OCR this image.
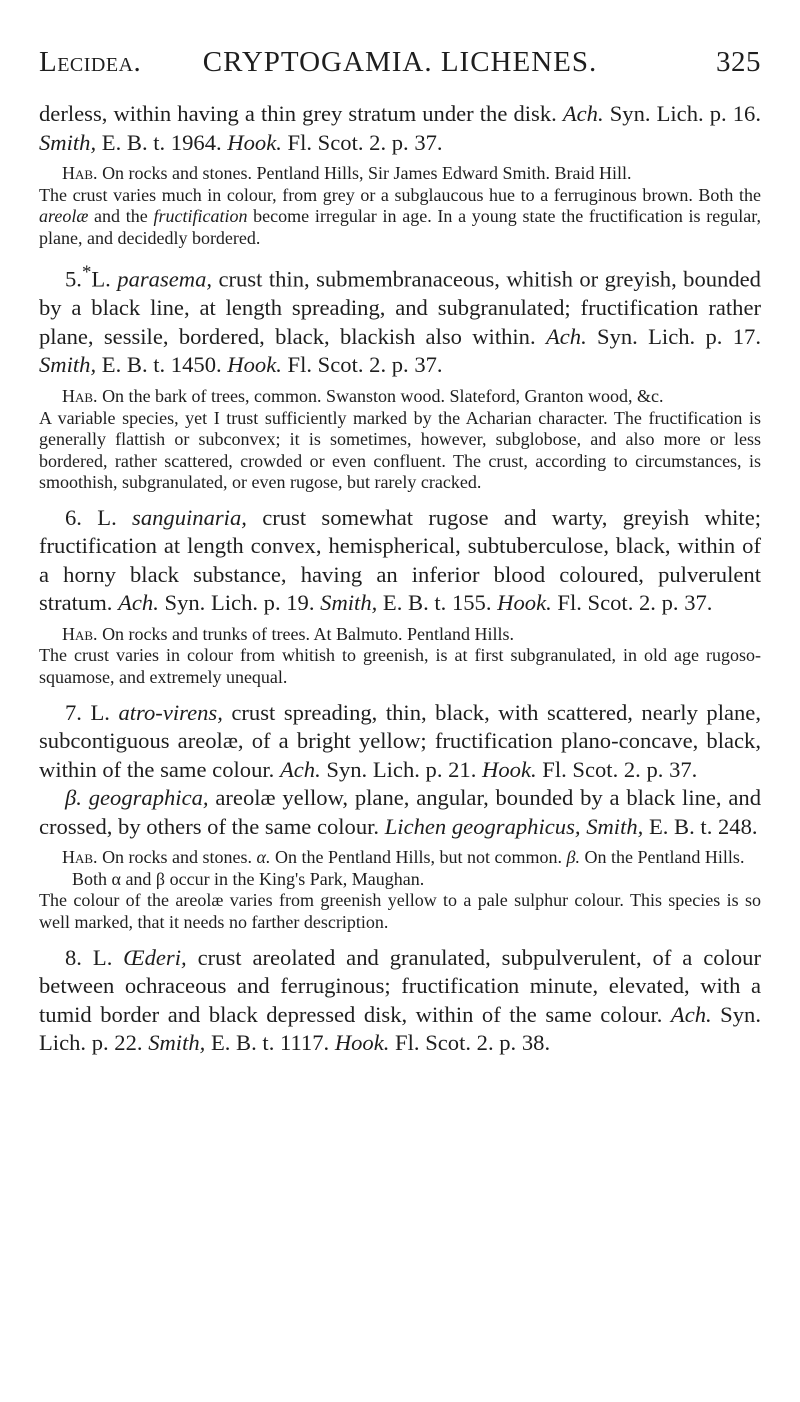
Lecidea.	CRYPTOGAMIA. LICHENES.	325

derless, within having a thin grey stratum under the disk. Ach. Syn. Lich. p. 16. Smith, E. B. t. 1964. Hook. Fl. Scot. 2. p. 37.

Hab. On rocks and stones. Pentland Hills, Sir James Edward Smith. Braid Hill.

The crust varies much in colour, from grey or a subglaucous hue to a ferruginous brown. Both the areolæ and the fructification become irregular in age. In a young state the fructification is regular, plane, and decidedly bordered.

5.*L. parasema, crust thin, submembranaceous, whitish or greyish, bounded by a black line, at length spreading, and subgranulated; fructification rather plane, sessile, bordered, black, blackish also within. Ach. Syn. Lich. p. 17. Smith, E. B. t. 1450. Hook. Fl. Scot. 2. p. 37.

Hab. On the bark of trees, common. Swanston wood. Slateford, Granton wood, &c.

A variable species, yet I trust sufficiently marked by the Acharian character. The fructification is generally flattish or subconvex; it is sometimes, however, subglobose, and also more or less bordered, rather scattered, crowded or even confluent. The crust, according to circumstances, is smoothish, subgranulated, or even rugose, but rarely cracked.

6. L. sanguinaria, crust somewhat rugose and warty, greyish white; fructification at length convex, hemispherical, subtuberculose, black, within of a horny black substance, having an inferior blood coloured, pulverulent stratum. Ach. Syn. Lich. p. 19. Smith, E. B. t. 155. Hook. Fl. Scot. 2. p. 37.

Hab. On rocks and trunks of trees. At Balmuto. Pentland Hills.

The crust varies in colour from whitish to greenish, is at first subgranulated, in old age rugoso-squamose, and extremely unequal.

7. L. atro-virens, crust spreading, thin, black, with scattered, nearly plane, subcontiguous areolæ, of a bright yellow; fructification plano-concave, black, within of the same colour. Ach. Syn. Lich. p. 21. Hook. Fl. Scot. 2. p. 37.

β. geographica, areolæ yellow, plane, angular, bounded by a black line, and crossed, by others of the same colour. Lichen geographicus, Smith, E. B. t. 248.

Hab. On rocks and stones. α. On the Pentland Hills, but not common. β. On the Pentland Hills. Both α and β occur in the King's Park, Maughan.

The colour of the areolæ varies from greenish yellow to a pale sulphur colour. This species is so well marked, that it needs no farther description.

8. L. Œderi, crust areolated and granulated, subpulverulent, of a colour between ochraceous and ferruginous; fructification minute, elevated, with a tumid border and black depressed disk, within of the same colour. Ach. Syn. Lich. p. 22. Smith, E. B. t. 1117. Hook. Fl. Scot. 2. p. 38.
